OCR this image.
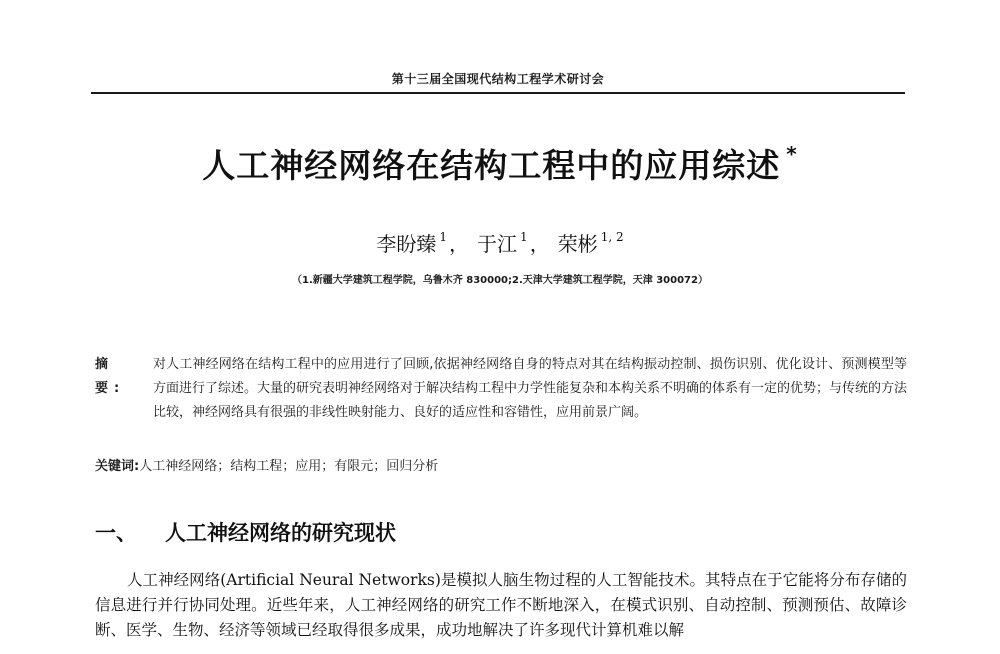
第十三届全国现代结构工程学术研讨会
人工神经网络在结构工程中的应用综述 *
李盼臻 $^1$ ， 于江 $^1$ ， 荣彬 $^{1, 2}$
（1.新疆大学建筑工程学院，乌鲁木齐 830000;2.天津大学建筑工程学院，天津 300072）
摘 要:
对人工神经网络在结构工程中的应用进行了回顾,依据神经网络自身的特点对其在结构振动控制、损伤识别、优化设计、预测模型等方面进行了综述。大量的研究表明神经网络对于解决结构工程中力学性能复杂和本构关系不明确的体系有一定的优势；与传统的方法比较，神经网络具有很强的非线性映射能力、良好的适应性和容错性，应用前景广阔。
关键词:人工神经网络；结构工程；应用；有限元；回归分析
一、 人工神经网络的研究现状
人工神经网络(Artificial Neural Networks)是模拟人脑生物过程的人工智能技术。其特点在于它能将分布存储的信息进行并行协同处理。近些年来，人工神经网络的研究工作不断地深入，在模式识别、自动控制、预测预估、故障诊断、医学、生物、经济等领域已经取得很多成果，成功地解决了许多现代计算机难以解
